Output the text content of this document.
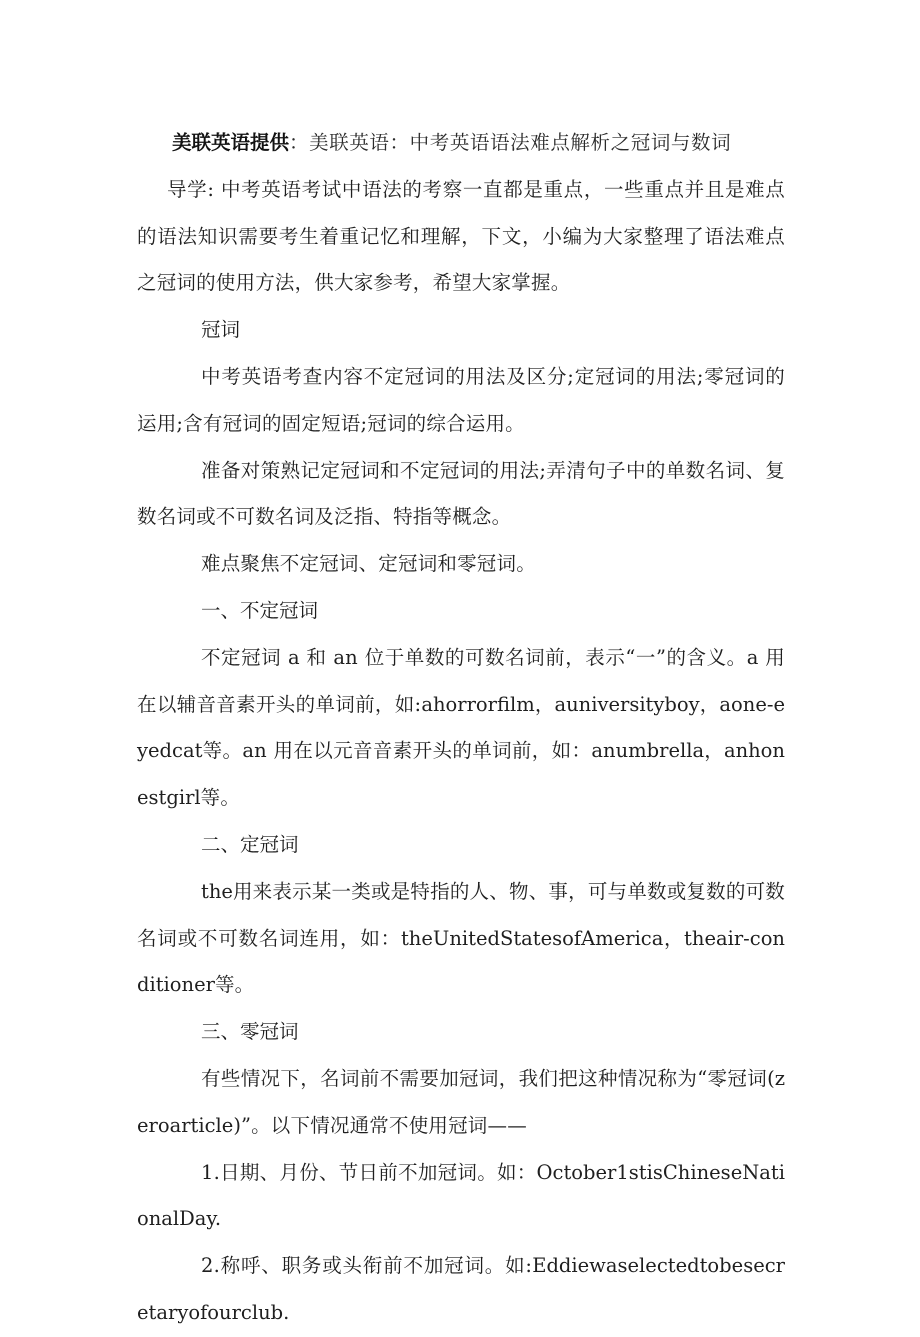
美联英语提供：美联英语：中考英语语法难点解析之冠词与数词

导学: 中考英语考试中语法的考察一直都是重点，一些重点并且是难点的语法知识需要考生着重记忆和理解，下文，小编为大家整理了语法难点之冠词的使用方法，供大家参考，希望大家掌握。

冠词

中考英语考查内容不定冠词的用法及区分;定冠词的用法;零冠词的运用;含有冠词的固定短语;冠词的综合运用。

准备对策熟记定冠词和不定冠词的用法;弄清句子中的单数名词、复数名词或不可数名词及泛指、特指等概念。

难点聚焦不定冠词、定冠词和零冠词。

一、不定冠词

不定冠词 a 和 an 位于单数的可数名词前，表示“一”的含义。a 用在以辅音音素开头的单词前，如:ahorrorfilm，auniversityboy，aone-eyedcat等。an 用在以元音音素开头的单词前，如：anumbrella，anhonestgirl等。

二、定冠词

the用来表示某一类或是特指的人、物、事，可与单数或复数的可数名词或不可数名词连用，如：theUnitedStatesofAmerica，theair-conditioner等。

三、零冠词

有些情况下，名词前不需要加冠词，我们把这种情况称为“零冠词(zeroarticle)”。以下情况通常不使用冠词——

1.日期、月份、节日前不加冠词。如：October1stisChineseNationalDay.

2.称呼、职务或头衔前不加冠词。如:Eddiewaselectedtobesecretaryofourclub.
